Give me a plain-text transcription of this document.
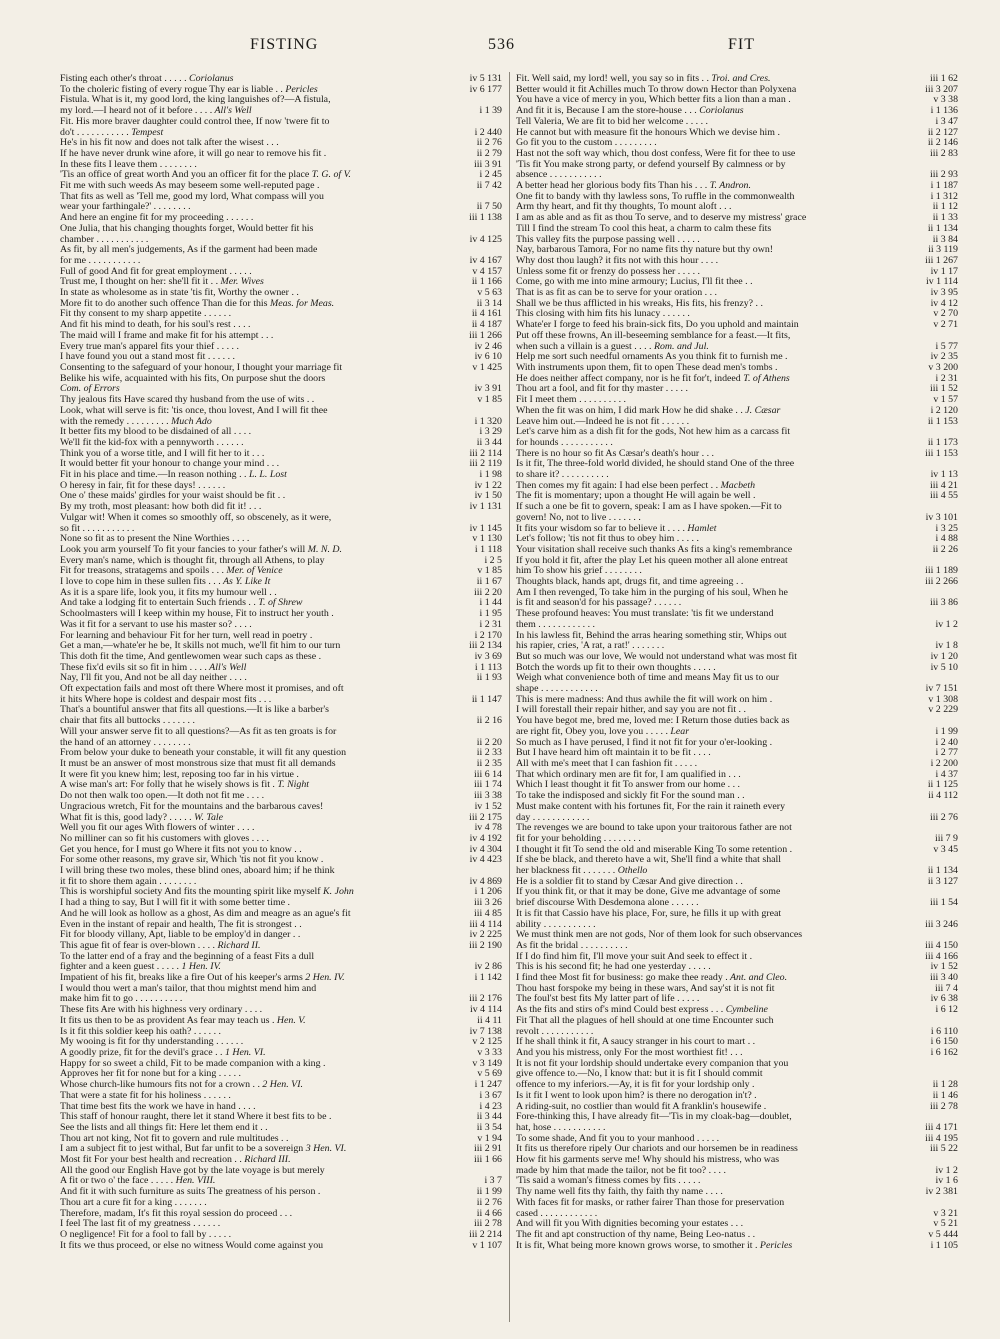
FISTING	536	FIT
Fisting each other's throat . . . . . Coriolanus	iv 5 131
To the choleric fisting of every rogue Thy ear is liable . . Pericles	iv 6 177
Fistula. What is it, my good lord, the king languishes of?—A fistula,
my lord.—I heard not of it before . . . . All's Well	i 1 39
Fit. His more braver daughter could control thee, If now 'twere fit to
do't . . . . . . . . . . . Tempest	i 2 440
He's in his fit now and does not talk after the wisest . . .	ii 2 76
If he have never drunk wine afore, it will go near to remove his fit .	ii 2 79
In these fits I leave them . . . . . . . .	iii 3 91
'Tis an office of great worth And you an officer fit for the place T. G. of V.	i 2 45
Fit me with such weeds As may beseem some well-reputed page .	ii 7 42
That fits as well as 'Tell me, good my lord, What compass will you
wear your farthingale?' . . . . . . . .	ii 7 50
And here an engine fit for my proceeding . . . . . .	iii 1 138
One Julia, that his changing thoughts forget, Would better fit his
chamber . . . . . . . . . . .	iv 4 125
As fit, by all men's judgements, As if the garment had been made
for me . . . . . . . . . . .	iv 4 167
Full of good And fit for great employment . . . . .	v 4 157
Trust me, I thought on her: she'll fit it . . Mer. Wives	ii 1 166
In state as wholesome as in state 'tis fit, Worthy the owner . .	v 5 63
More fit to do another such offence Than die for this Meas. for Meas.	ii 3 14
Fit thy consent to my sharp appetite . . . . . .	ii 4 161
And fit his mind to death, for his soul's rest . . . .	ii 4 187
The maid will I frame and make fit for his attempt . . .	iii 1 266
Every true man's apparel fits your thief . . . . .	iv 2 46
I have found you out a stand most fit . . . . . .	iv 6 10
Consenting to the safeguard of your honour, I thought your marriage fit	v 1 425
Belike his wife, acquainted with his fits, On purpose shut the doors
Com. of Errors	iv 3 91
Thy jealous fits Have scared thy husband from the use of wits . .	v 1 85
Look, what will serve is fit: 'tis once, thou lovest, And I will fit thee
with the remedy . . . . . . . . . Much Ado	i 1 320
It better fits my blood to be disdained of all . . . .	i 3 29
We'll fit the kid-fox with a pennyworth . . . . . .	ii 3 44
Think you of a worse title, and I will fit her to it . . .	iii 2 114
It would better fit your honour to change your mind . . .	iii 2 119
Fit in his place and time.—In reason nothing . . L. L. Lost	i 1 98
O heresy in fair, fit for these days! . . . . . .	iv 1 22
One o' these maids' girdles for your waist should be fit . .	iv 1 50
By my troth, most pleasant: how both did fit it! . . .	iv 1 131
Vulgar wit! When it comes so smoothly off, so obscenely, as it were,
so fit . . . . . . . . . . .	iv 1 145
None so fit as to present the Nine Worthies . . . .	v 1 130
Look you arm yourself To fit your fancies to your father's will M. N. D.	i 1 118
Every man's name, which is thought fit, through all Athens, to play	i 2 5
Fit for treasons, stratagems and spoils . . . Mer. of Venice	v 1 85
I love to cope him in these sullen fits . . . As Y. Like It	ii 1 67
As it is a spare life, look you, it fits my humour well . .	iii 2 20
And take a lodging fit to entertain Such friends . . T. of Shrew	i 1 44
Schoolmasters will I keep within my house, Fit to instruct her youth .	i 1 95
Was it fit for a servant to use his master so? . . . .	i 2 31
For learning and behaviour Fit for her turn, well read in poetry .	i 2 170
Get a man,—whate'er he be, It skills not much, we'll fit him to our turn	iii 2 134
This doth fit the time, And gentlewomen wear such caps as these .	iv 3 69
These fix'd evils sit so fit in him . . . . All's Well	i 1 113
Nay, I'll fit you, And not be all day neither . . . .	ii 1 93
Oft expectation fails and most oft there Where most it promises, and oft
it hits Where hope is coldest and despair most fits . . .	ii 1 147
That's a bountiful answer that fits all questions.—It is like a barber's
chair that fits all buttocks . . . . . . .	ii 2 16
Will your answer serve fit to all questions?—As fit as ten groats is for
the hand of an attorney . . . . . . . .	ii 2 20
From below your duke to beneath your constable, it will fit any question	ii 2 33
It must be an answer of most monstrous size that must fit all demands	ii 2 35
It were fit you knew him; lest, reposing too far in his virtue .	iii 6 14
A wise man's art: For folly that he wisely shows is fit . T. Night	iii 1 74
Do not then walk too open.—It doth not fit me . . . .	iii 3 38
Ungracious wretch, Fit for the mountains and the barbarous caves!	iv 1 52
What fit is this, good lady? . . . . . W. Tale	iii 2 175
Well you fit our ages With flowers of winter . . . .	iv 4 78
No milliner can so fit his customers with gloves . . . .	iv 4 192
Get you hence, for I must go Where it fits not you to know . .	iv 4 304
For some other reasons, my grave sir, Which 'tis not fit you know .	iv 4 423
I will bring these two moles, these blind ones, aboard him; if he think
it fit to shore them again . . . . . . . .	iv 4 869
This is worshipful society And fits the mounting spirit like myself K. John	i 1 206
I had a thing to say, But I will fit it with some better time .	iii 3 26
And he will look as hollow as a ghost, As dim and meagre as an ague's fit	iii 4 85
Even in the instant of repair and health, The fit is strongest . .	iii 4 114
Fit for bloody villany, Apt, liable to be employ'd in danger . .	iv 2 225
This ague fit of fear is over-blown . . . . Richard II.	iii 2 190
To the latter end of a fray and the beginning of a feast Fits a dull
fighter and a keen guest . . . . . 1 Hen. IV.	iv 2 86
Impatient of his fit, breaks like a fire Out of his keeper's arms 2 Hen. IV.	i 1 142
I would thou wert a man's tailor, that thou mightst mend him and
make him fit to go . . . . . . . . . .	iii 2 176
These fits Are with his highness very ordinary . . . .	iv 4 114
It fits us then to be as provident As fear may teach us . Hen. V.	ii 4 11
Is it fit this soldier keep his oath? . . . . . .	iv 7 138
My wooing is fit for thy understanding . . . . . .	v 2 125
A goodly prize, fit for the devil's grace . . 1 Hen. VI.	v 3 33
Happy for so sweet a child, Fit to be made companion with a king .	v 3 149
Approves her fit for none but for a king . . . . .	v 5 69
Whose church-like humours fits not for a crown . . 2 Hen. VI.	i 1 247
That were a state fit for his holiness . . . . . .	i 3 67
That time best fits the work we have in hand . . . .	i 4 23
This staff of honour raught, there let it stand Where it best fits to be .	ii 3 44
See the lists and all things fit: Here let them end it . .	ii 3 54
Thou art not king, Not fit to govern and rule multitudes . .	v 1 94
I am a subject fit to jest withal, But far unfit to be a sovereign 3 Hen. VI.	iii 2 91
Most fit For your best health and recreation . . Richard III.	iii 1 66
All the good our English Have got by the late voyage is but merely
A fit or two o' the face . . . . . Hen. VIII.	i 3 7
And fit it with such furniture as suits The greatness of his person .	ii 1 99
Thou art a cure fit for a king . . . . . . .	ii 2 76
Therefore, madam, It's fit this royal session do proceed . . .	ii 4 66
I feel The last fit of my greatness . . . . . .	iii 2 78
O negligence! Fit for a fool to fall by . . . . .	iii 2 214
It fits we thus proceed, or else no witness Would come against you	v 1 107
Fit. Well said, my lord! well, you say so in fits . . Troi. and Cres.	iii 1 62
Better would it fit Achilles much To throw down Hector than Polyxena	iii 3 207
You have a vice of mercy in you, Which better fits a lion than a man .	v 3 38
And fit it is, Because I am the store-house . . . Coriolanus	i 1 136
Tell Valeria, We are fit to bid her welcome . . . . .	i 3 47
He cannot but with measure fit the honours Which we devise him .	ii 2 127
Go fit you to the custom . . . . . . . . .	ii 2 146
Hast not the soft way which, thou dost confess, Were fit for thee to use	iii 2 83
'Tis fit You make strong party, or defend yourself By calmness or by
absence . . . . . . . . . . .	iii 2 93
A better head her glorious body fits Than his . . . T. Andron.	i 1 187
One fit to bandy with thy lawless sons, To ruffle in the commonwealth	i 1 312
Arm thy heart, and fit thy thoughts, To mount aloft . . .	ii 1 12
I am as able and as fit as thou To serve, and to deserve my mistress' grace	ii 1 33
Till I find the stream To cool this heat, a charm to calm these fits	ii 1 134
This valley fits the purpose passing well . . . . .	ii 3 84
Nay, barbarous Tamora, For no name fits thy nature but thy own!	ii 3 119
Why dost thou laugh? it fits not with this hour . . . .	iii 1 267
Unless some fit or frenzy do possess her . . . . .	iv 1 17
Come, go with me into mine armoury; Lucius, I'll fit thee . .	iv 1 114
That is as fit as can be to serve for your oration . . .	iv 3 95
Shall we be thus afflicted in his wreaks, His fits, his frenzy? . .	iv 4 12
This closing with him fits his lunacy . . . . . .	v 2 70
Whate'er I forge to feed his brain-sick fits, Do you uphold and maintain	v 2 71
Put off these frowns, An ill-beseeming semblance for a feast.—It fits,
when such a villain is a guest . . . . Rom. and Jul.	i 5 77
Help me sort such needful ornaments As you think fit to furnish me .	iv 2 35
With instruments upon them, fit to open These dead men's tombs .	v 3 200
He does neither affect company, nor is he fit for't, indeed T. of Athens	i 2 31
Thou art a fool, and fit for thy master . . . . .	iii 1 52
Fit I meet them . . . . . . . . . .	v 1 57
When the fit was on him, I did mark How he did shake . . J. Cæsar	i 2 120
Leave him out.—Indeed he is not fit . . . . . .	ii 1 153
Let's carve him as a dish fit for the gods, Not hew him as a carcass fit
for hounds . . . . . . . . . . .	ii 1 173
There is no hour so fit As Cæsar's death's hour . . .	iii 1 153
Is it fit, The three-fold world divided, he should stand One of the three
to share it? . . . . . . . . . .	iv 1 13
Then comes my fit again: I had else been perfect . . Macbeth	iii 4 21
The fit is momentary; upon a thought He will again be well .	iii 4 55
If such a one be fit to govern, speak: I am as I have spoken.—Fit to
govern! No, not to live . . . . . . .	iv 3 101
It fits your wisdom so far to believe it . . . . Hamlet	i 3 25
Let's follow; 'tis not fit thus to obey him . . . . .	i 4 88
Your visitation shall receive such thanks As fits a king's remembrance	ii 2 26
If you hold it fit, after the play Let his queen mother all alone entreat
him To show his grief . . . . . . . .	iii 1 189
Thoughts black, hands apt, drugs fit, and time agreeing . .	iii 2 266
Am I then revenged, To take him in the purging of his soul, When he
is fit and season'd for his passage? . . . . . .	iii 3 86
These profound heaves: You must translate: 'tis fit we understand
them . . . . . . . . . . . .	iv 1 2
In his lawless fit, Behind the arras hearing something stir, Whips out
his rapier, cries, 'A rat, a rat!' . . . . . . .	iv 1 8
But so much was our love, We would not understand what was most fit	iv 1 20
Botch the words up fit to their own thoughts . . . . .	iv 5 10
Weigh what convenience both of time and means May fit us to our
shape . . . . . . . . . . . .	iv 7 151
This is mere madness: And thus awhile the fit will work on him .	v 1 308
I will forestall their repair hither, and say you are not fit . .	v 2 229
You have begot me, bred me, loved me: I Return those duties back as
are right fit, Obey you, love you . . . . . Lear	i 1 99
So much as I have perused, I find it not fit for your o'er-looking .	i 2 40
But I have heard him oft maintain it to be fit . . . .	i 2 77
All with me's meet that I can fashion fit . . . . .	i 2 200
That which ordinary men are fit for, I am qualified in . . .	i 4 37
Which I least thought it fit To answer from our home . . .	ii 1 125
To take the indisposed and sickly fit For the sound man . .	ii 4 112
Must make content with his fortunes fit, For the rain it raineth every
day . . . . . . . . . . . .	iii 2 76
The revenges we are bound to take upon your traitorous father are not
fit for your beholding . . . . . . . .	iii 7 9
I thought it fit To send the old and miserable King To some retention .	v 3 45
If she be black, and thereto have a wit, She'll find a white that shall
her blackness fit . . . . . . . Othello	ii 1 134
He is a soldier fit to stand by Cæsar And give direction . .	ii 3 127
If you think fit, or that it may be done, Give me advantage of some
brief discourse With Desdemona alone . . . . . .	iii 1 54
It is fit that Cassio have his place, For, sure, he fills it up with great
ability . . . . . . . . . . .	iii 3 246
We must think men are not gods, Nor of them look for such observances
As fit the bridal . . . . . . . . . .	iii 4 150
If I do find him fit, I'll move your suit And seek to effect it .	iii 4 166
This is his second fit; he had one yesterday . . . . .	iv 1 52
I find thee Most fit for business: go make thee ready . Ant. and Cleo.	iii 3 40
Thou hast forspoke my being in these wars, And say'st it is not fit	iii 7 4
The foul'st best fits My latter part of life . . . . .	iv 6 38
As the fits and stirs of's mind Could best express . . . Cymbeline	i 6 12
Fit That all the plagues of hell should at one time Encounter such
revolt . . . . . . . . . . .	i 6 110
If he shall think it fit, A saucy stranger in his court to mart . .	i 6 150
And you his mistress, only For the most worthiest fit! . . .	i 6 162
It is not fit your lordship should undertake every companion that you
give offence to.—No, I know that: but it is fit I should commit
offence to my inferiors.—Ay, it is fit for your lordship only .	ii 1 28
Is it fit I went to look upon him? is there no derogation in't? .	ii 1 46
A riding-suit, no costlier than would fit A franklin's housewife .	iii 2 78
Fore-thinking this, I have already fit—'Tis in my cloak-bag—doublet,
hat, hose . . . . . . . . . . .	iii 4 171
To some shade, And fit you to your manhood . . . . .	iii 4 195
It fits us therefore ripely Our chariots and our horsemen be in readiness	iii 5 22
How fit his garments serve me! Why should his mistress, who was
made by him that made the tailor, not be fit too? . . . .	iv 1 2
'Tis said a woman's fitness comes by fits . . . . .	iv 1 6
Thy name well fits thy faith, thy faith thy name . . . .	iv 2 381
With faces fit for masks, or rather fairer Than those for preservation
cased . . . . . . . . . . . .	v 3 21
And will fit you With dignities becoming your estates . . .	v 5 21
The fit and apt construction of thy name, Being Leo-natus . .	v 5 444
It is fit, What being more known grows worse, to smother it . Pericles	i 1 105
